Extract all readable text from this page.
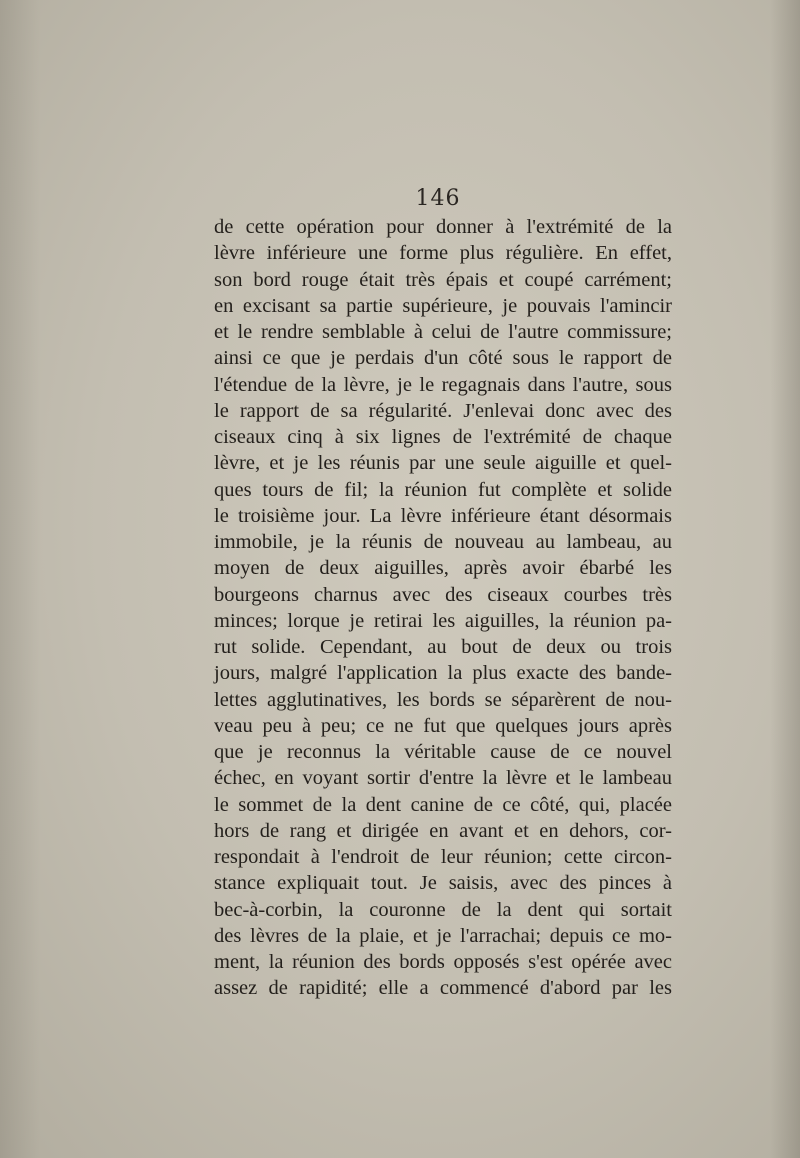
146
de cette opération pour donner à l'extrémité de la
lèvre inférieure une forme plus régulière. En effet,
son bord rouge était très épais et coupé carrément;
en excisant sa partie supérieure, je pouvais l'amincir
et le rendre semblable à celui de l'autre commissure;
ainsi ce que je perdais d'un côté sous le rapport de
l'étendue de la lèvre, je le regagnais dans l'autre, sous
le rapport de sa régularité. J'enlevai donc avec des
ciseaux cinq à six lignes de l'extrémité de chaque
lèvre, et je les réunis par une seule aiguille et quel-
ques tours de fil; la réunion fut complète et solide
le troisième jour. La lèvre inférieure étant désormais
immobile, je la réunis de nouveau au lambeau, au
moyen de deux aiguilles, après avoir ébarbé les
bourgeons charnus avec des ciseaux courbes très
minces; lorque je retirai les aiguilles, la réunion pa-
rut solide. Cependant, au bout de deux ou trois
jours, malgré l'application la plus exacte des bande-
lettes agglutinatives, les bords se séparèrent de nou-
veau peu à peu; ce ne fut que quelques jours après
que je reconnus la véritable cause de ce nouvel
échec, en voyant sortir d'entre la lèvre et le lambeau
le sommet de la dent canine de ce côté, qui, placée
hors de rang et dirigée en avant et en dehors, cor-
respondait à l'endroit de leur réunion; cette circon-
stance expliquait tout. Je saisis, avec des pinces à
bec-à-corbin, la couronne de la dent qui sortait
des lèvres de la plaie, et je l'arrachai; depuis ce mo-
ment, la réunion des bords opposés s'est opérée avec
assez de rapidité; elle a commencé d'abord par les
